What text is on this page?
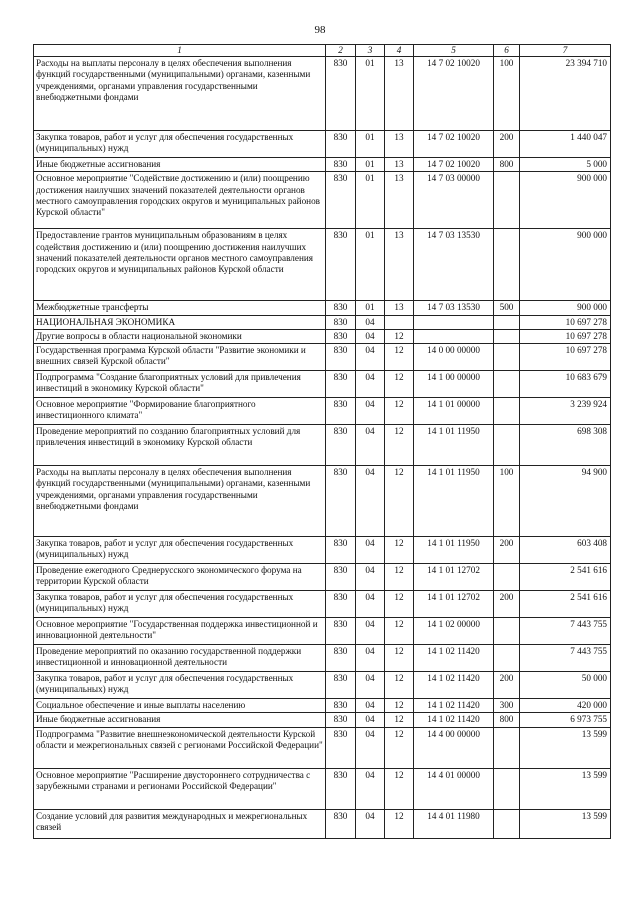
98
1	2	3	4	5	6	7
Расходы на выплаты персоналу в целях обеспечения выполнения функций государственными (муниципальными) органами, казенными учреждениями, органами управления государственными внебюджетными фондами	830	01	13	14 7 02 10020	100	23 394 710
Закупка товаров, работ и услуг для обеспечения государственных (муниципальных) нужд	830	01	13	14 7 02 10020	200	1 440 047
Иные бюджетные ассигнования	830	01	13	14 7 02 10020	800	5 000
Основное мероприятие "Содействие достижению и (или) поощрению достижения наилучших значений показателей деятельности органов местного самоуправления городских округов и муниципальных районов Курской области"	830	01	13	14 7 03 00000		900 000
Предоставление грантов муниципальным образованиям в целях содействия достижению и (или) поощрению достижения наилучших значений показателей деятельности органов местного самоуправления городских округов и муниципальных районов Курской области	830	01	13	14 7 03 13530		900 000
Межбюджетные трансферты	830	01	13	14 7 03 13530	500	900 000
НАЦИОНАЛЬНАЯ ЭКОНОМИКА	830	04				10 697 278
Другие вопросы в области национальной экономики	830	04	12			10 697 278
Государственная программа Курской области "Развитие экономики и внешних связей Курской области"	830	04	12	14 0 00 00000		10 697 278
Подпрограмма "Создание благоприятных условий для привлечения инвестиций в экономику Курской области"	830	04	12	14 1 00 00000		10 683 679
Основное мероприятие "Формирование благоприятного инвестиционного климата"	830	04	12	14 1 01 00000		3 239 924
Проведение мероприятий по созданию благоприятных условий для привлечения инвестиций в экономику Курской области	830	04	12	14 1 01 11950		698 308
Расходы на выплаты персоналу в целях обеспечения выполнения функций государственными (муниципальными) органами, казенными учреждениями, органами управления государственными внебюджетными фондами	830	04	12	14 1 01 11950	100	94 900
Закупка товаров, работ и услуг для обеспечения государственных (муниципальных) нужд	830	04	12	14 1 01 11950	200	603 408
Проведение ежегодного Среднерусского экономического форума на территории Курской области	830	04	12	14 1 01 12702		2 541 616
Закупка товаров, работ и услуг для обеспечения государственных (муниципальных) нужд	830	04	12	14 1 01 12702	200	2 541 616
Основное мероприятие "Государственная поддержка инвестиционной и инновационной деятельности"	830	04	12	14 1 02 00000		7 443 755
Проведение мероприятий по оказанию государственной поддержки инвестиционной и инновационной деятельности	830	04	12	14 1 02 11420		7 443 755
Закупка товаров, работ и услуг для обеспечения государственных (муниципальных) нужд	830	04	12	14 1 02 11420	200	50 000
Социальное обеспечение и иные выплаты населению	830	04	12	14 1 02 11420	300	420 000
Иные бюджетные ассигнования	830	04	12	14 1 02 11420	800	6 973 755
Подпрограмма "Развитие внешнеэкономической деятельности Курской области и межрегиональных связей с регионами Российской Федерации"	830	04	12	14 4 00 00000		13 599
Основное мероприятие "Расширение двустороннего сотрудничества с зарубежными странами и регионами Российской Федерации"	830	04	12	14 4 01 00000		13 599
Создание условий для развития международных и межрегиональных связей	830	04	12	14 4 01 11980		13 599
